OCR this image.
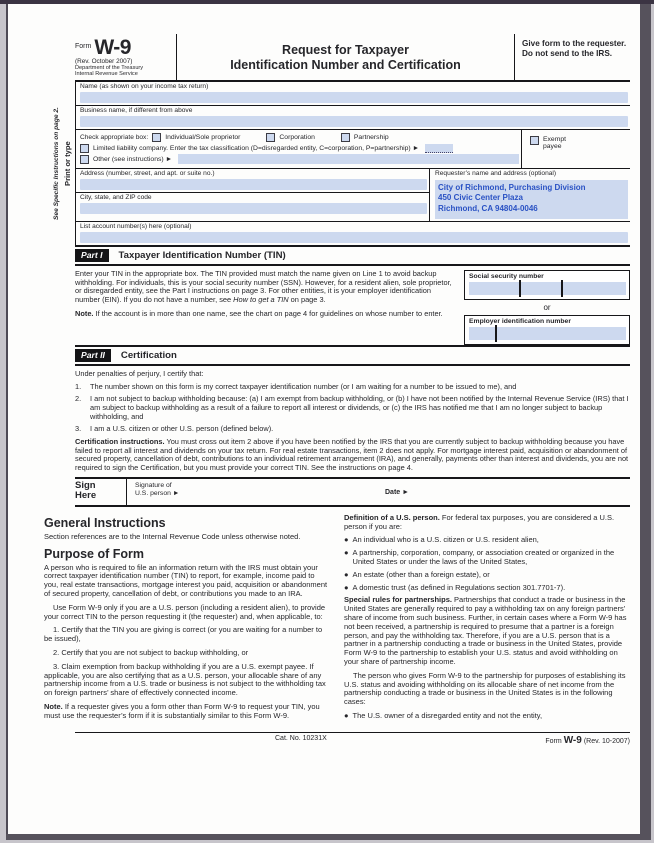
Form W-9
(Rev. October 2007)
Department of the Treasury
Internal Revenue Service
Request for Taxpayer
Identification Number and Certification
Give form to the requester. Do not send to the IRS.
See Specific Instructions on page 2. Print or type
Name (as shown on your income tax return)
Business name, if different from above
Check appropriate box:	Individual/Sole proprietor	Corporation	Partnership
Limited liability company. Enter the tax classification (D=disregarded entity, C=corporation, P=partnership) ►
Other (see instructions) ►
Exempt
payee
Address (number, street, and apt. or suite no.)
City, state, and ZIP code
Requester’s name and address (optional)
City of Richmond, Purchasing Division
450 Civic Center Plaza
Richmond, CA 94804-0046
List account number(s) here (optional)
Part I	Taxpayer Identification Number (TIN)

Enter your TIN in the appropriate box. The TIN provided must match the name given on Line 1 to avoid backup withholding. For individuals, this is your social security number (SSN). However, for a resident alien, sole proprietor, or disregarded entity, see the Part I instructions on page 3. For other entities, it is your employer identification number (EIN). If you do not have a number, see How to get a TIN on page 3.

Note. If the account is in more than one name, see the chart on page 4 for guidelines on whose number to enter.

Social security number
or
Employer identification number
Part II	Certification

Under penalties of perjury, I certify that:

1.	The number shown on this form is my correct taxpayer identification number (or I am waiting for a number to be issued to me), and
2.	I am not subject to backup withholding because: (a) I am exempt from backup withholding, or (b) I have not been notified by the Internal Revenue Service (IRS) that I am subject to backup withholding as a result of a failure to report all interest or dividends, or (c) the IRS has notified me that I am no longer subject to backup withholding, and
3.	I am a U.S. citizen or other U.S. person (defined below).

Certification instructions. You must cross out item 2 above if you have been notified by the IRS that you are currently subject to backup withholding because you have failed to report all interest and dividends on your tax return. For real estate transactions, item 2 does not apply. For mortgage interest paid, acquisition or abandonment of secured property, cancellation of debt, contributions to an individual retirement arrangement (IRA), and generally, payments other than interest and dividends, you are not required to sign the Certification, but you must provide your correct TIN. See the instructions on page 4.

Sign
Here
Signature of
U.S. person ►	Date ►
General Instructions

Section references are to the Internal Revenue Code unless otherwise noted.

Purpose of Form

A person who is required to file an information return with the IRS must obtain your correct taxpayer identification number (TIN) to report, for example, income paid to you, real estate transactions, mortgage interest you paid, acquisition or abandonment of secured property, cancellation of debt, or contributions you made to an IRA.

Use Form W-9 only if you are a U.S. person (including a resident alien), to provide your correct TIN to the person requesting it (the requester) and, when applicable, to:

1. Certify that the TIN you are giving is correct (or you are waiting for a number to be issued),

2. Certify that you are not subject to backup withholding, or

3. Claim exemption from backup withholding if you are a U.S. exempt payee. If applicable, you are also certifying that as a U.S. person, your allocable share of any partnership income from a U.S. trade or business is not subject to the withholding tax on foreign partners’ share of effectively connected income.

Note. If a requester gives you a form other than Form W-9 to request your TIN, you must use the requester’s form if it is substantially similar to this Form W-9.

Definition of a U.S. person. For federal tax purposes, you are considered a U.S. person if you are:

● An individual who is a U.S. citizen or U.S. resident alien,
● A partnership, corporation, company, or association created or organized in the United States or under the laws of the United States,
● An estate (other than a foreign estate), or
● A domestic trust (as defined in Regulations section 301.7701-7).

Special rules for partnerships. Partnerships that conduct a trade or business in the United States are generally required to pay a withholding tax on any foreign partners’ share of income from such business. Further, in certain cases where a Form W-9 has not been received, a partnership is required to presume that a partner is a foreign person, and pay the withholding tax. Therefore, if you are a U.S. person that is a partner in a partnership conducting a trade or business in the United States, provide Form W-9 to the partnership to establish your U.S. status and avoid withholding on your share of partnership income.

The person who gives Form W-9 to the partnership for purposes of establishing its U.S. status and avoiding withholding on its allocable share of net income from the partnership conducting a trade or business in the United States is in the following cases:

● The U.S. owner of a disregarded entity and not the entity,
Cat. No. 10231X	Form W-9 (Rev. 10-2007)
